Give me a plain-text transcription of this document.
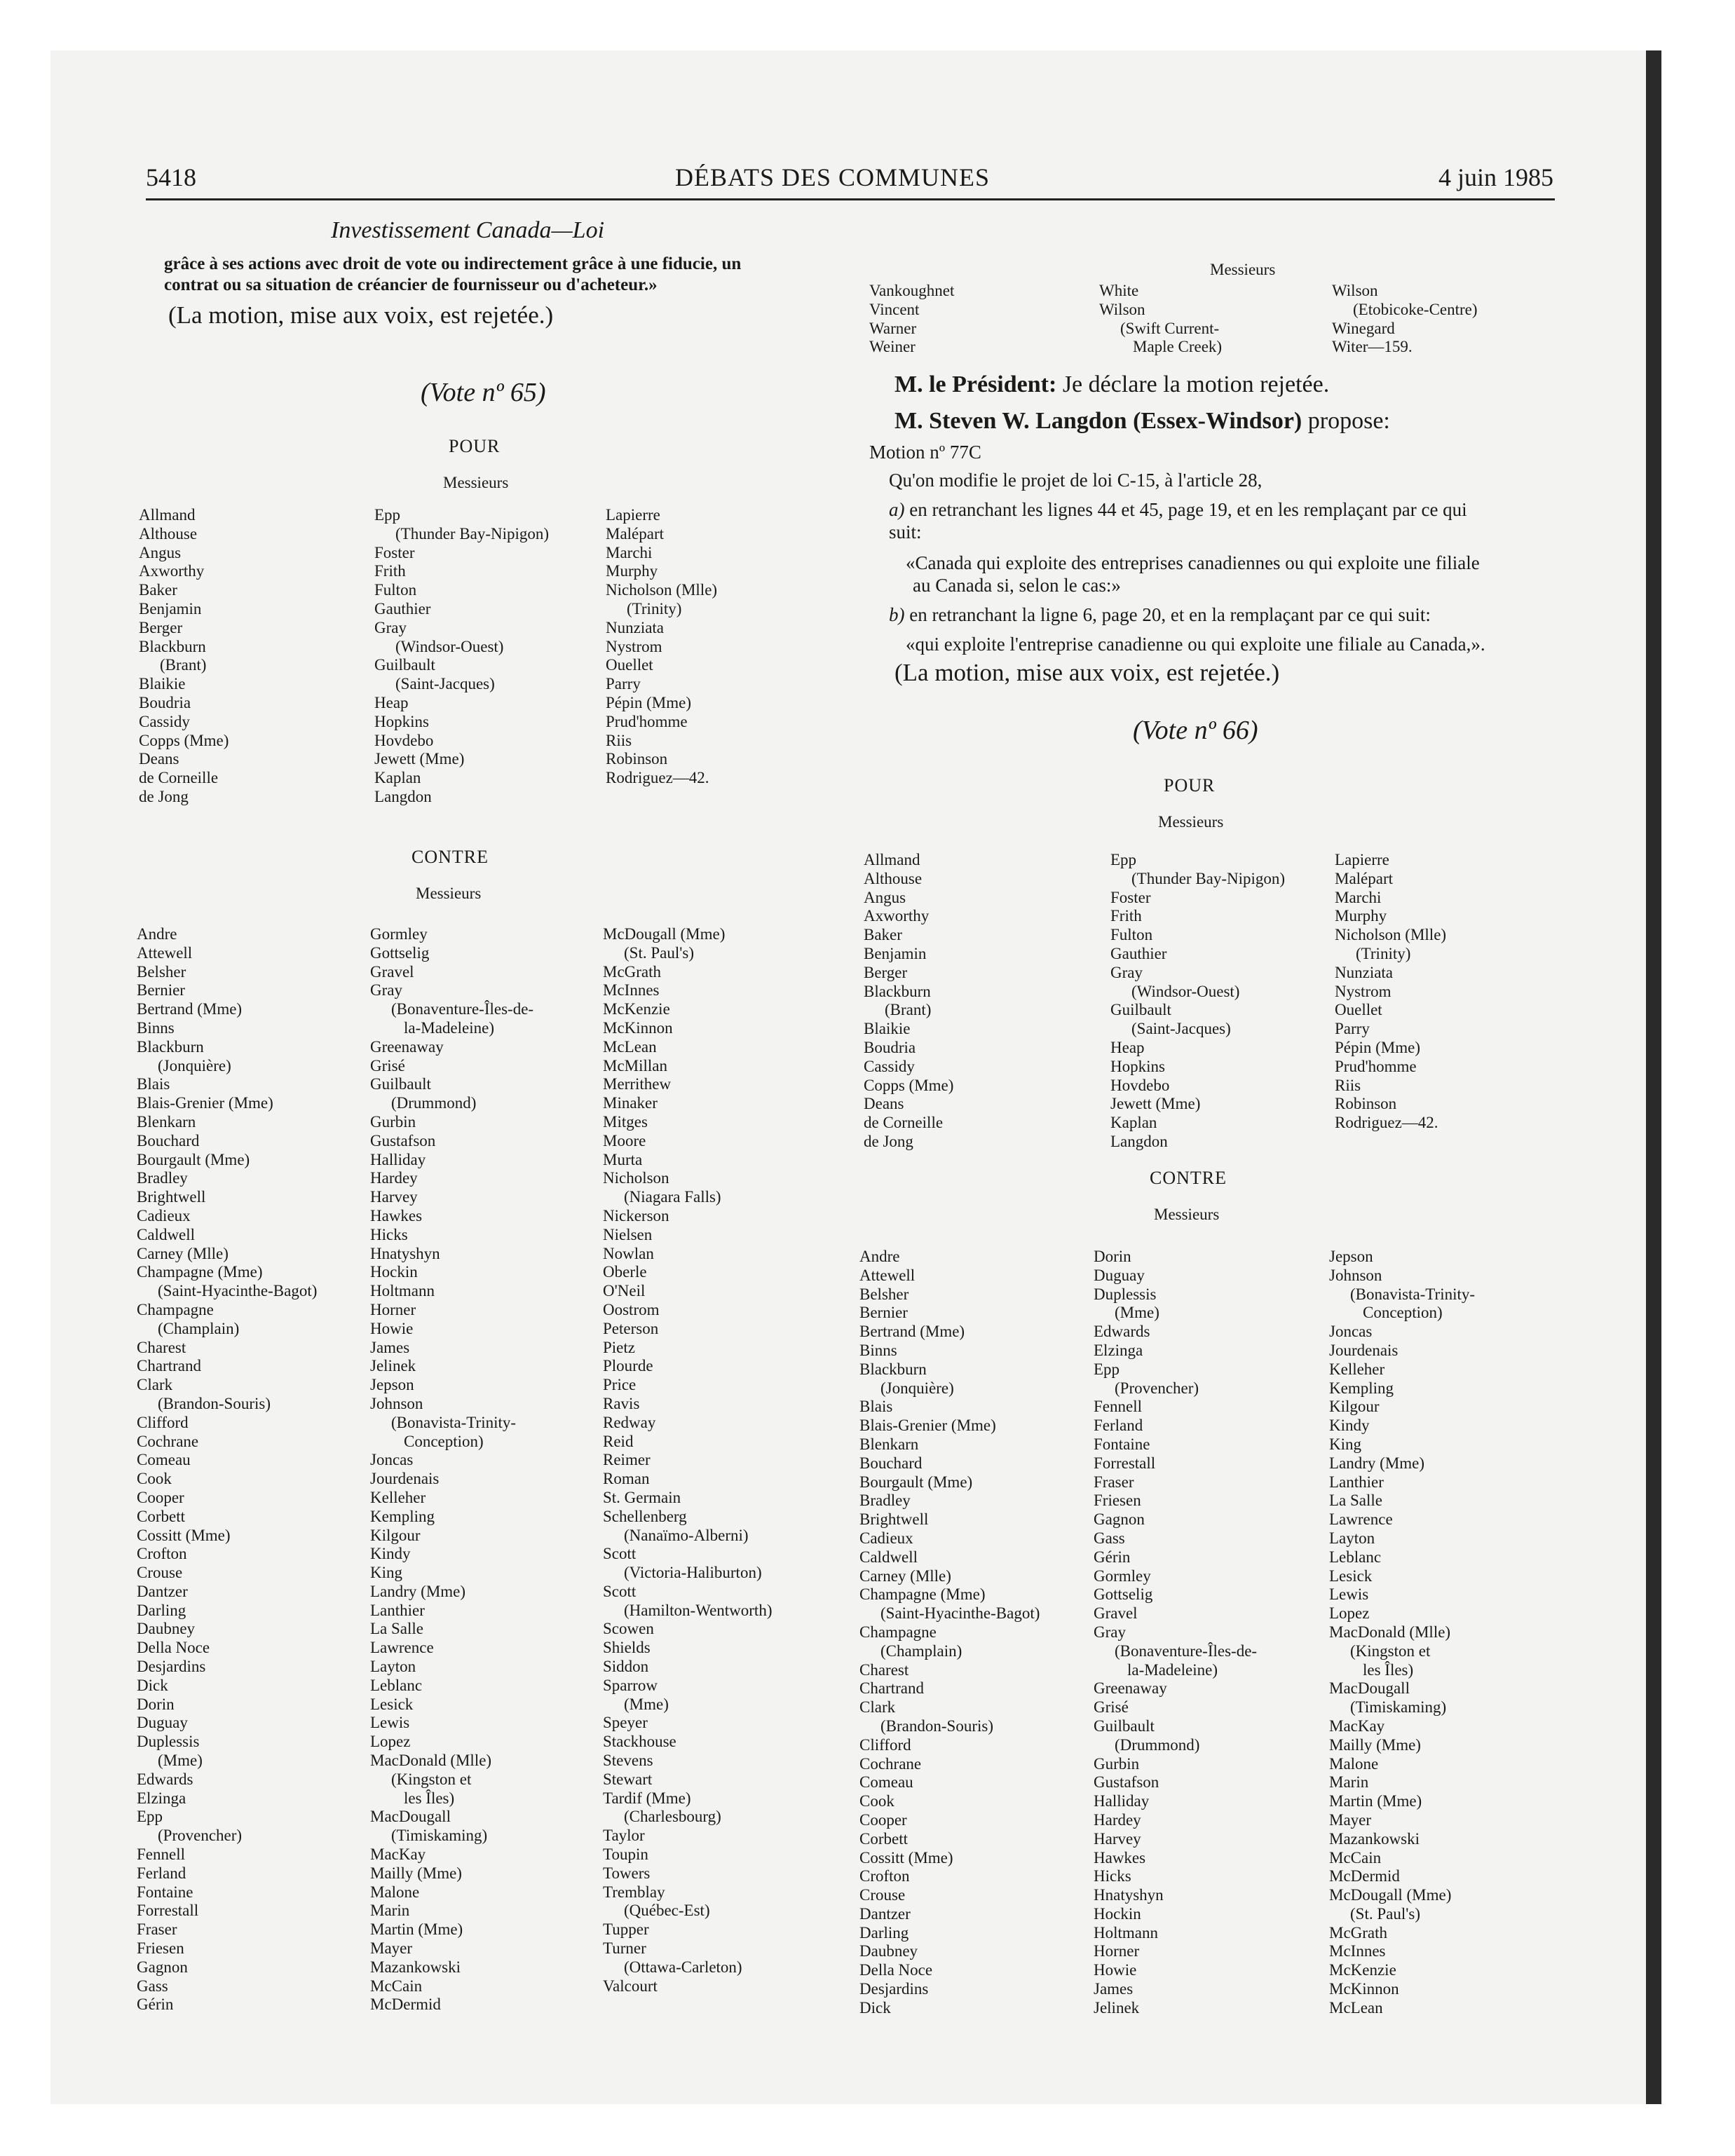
5418	DÉBATS DES COMMUNES	4 juin 1985
Investissement Canada—Loi
grâce à ses actions avec droit de vote ou indirectement grâce à une fiducie, un
contrat ou sa situation de créancier de fournisseur ou d'acheteur.»
(La motion, mise aux voix, est rejetée.)
(Vote nº 65)
POUR
Messieurs
Allmand
Althouse
Angus
Axworthy
Baker
Benjamin
Berger
Blackburn
(Brant)
Blaikie
Boudria
Cassidy
Copps (Mme)
Deans
de Corneille
de Jong
Epp
(Thunder Bay-Nipigon)
Foster
Frith
Fulton
Gauthier
Gray
(Windsor-Ouest)
Guilbault
(Saint-Jacques)
Heap
Hopkins
Hovdebo
Jewett (Mme)
Kaplan
Langdon
Lapierre
Malépart
Marchi
Murphy
Nicholson (Mlle)
(Trinity)
Nunziata
Nystrom
Ouellet
Parry
Pépin (Mme)
Prud'homme
Riis
Robinson
Rodriguez—42.
CONTRE
Messieurs
Andre
Attewell
Belsher
Bernier
Bertrand (Mme)
Binns
Blackburn
(Jonquière)
Blais
Blais-Grenier (Mme)
Blenkarn
Bouchard
Bourgault (Mme)
Bradley
Brightwell
Cadieux
Caldwell
Carney (Mlle)
Champagne (Mme)
(Saint-Hyacinthe-Bagot)
Champagne
(Champlain)
Charest
Chartrand
Clark
(Brandon-Souris)
Clifford
Cochrane
Comeau
Cook
Cooper
Corbett
Cossitt (Mme)
Crofton
Crouse
Dantzer
Darling
Daubney
Della Noce
Desjardins
Dick
Dorin
Duguay
Duplessis
(Mme)
Edwards
Elzinga
Epp
(Provencher)
Fennell
Ferland
Fontaine
Forrestall
Fraser
Friesen
Gagnon
Gass
Gérin
Gormley
Gottselig
Gravel
Gray
(Bonaventure-Îles-de-
la-Madeleine)
Greenaway
Grisé
Guilbault
(Drummond)
Gurbin
Gustafson
Halliday
Hardey
Harvey
Hawkes
Hicks
Hnatyshyn
Hockin
Holtmann
Horner
Howie
James
Jelinek
Jepson
Johnson
(Bonavista-Trinity-
Conception)
Joncas
Jourdenais
Kelleher
Kempling
Kilgour
Kindy
King
Landry (Mme)
Lanthier
La Salle
Lawrence
Layton
Leblanc
Lesick
Lewis
Lopez
MacDonald (Mlle)
(Kingston et
les Îles)
MacDougall
(Timiskaming)
MacKay
Mailly (Mme)
Malone
Marin
Martin (Mme)
Mayer
Mazankowski
McCain
McDermid
McDougall (Mme)
(St. Paul's)
McGrath
McInnes
McKenzie
McKinnon
McLean
McMillan
Merrithew
Minaker
Mitges
Moore
Murta
Nicholson
(Niagara Falls)
Nickerson
Nielsen
Nowlan
Oberle
O'Neil
Oostrom
Peterson
Pietz
Plourde
Price
Ravis
Redway
Reid
Reimer
Roman
St. Germain
Schellenberg
(Nanaïmo-Alberni)
Scott
(Victoria-Haliburton)
Scott
(Hamilton-Wentworth)
Scowen
Shields
Siddon
Sparrow
(Mme)
Speyer
Stackhouse
Stevens
Stewart
Tardif (Mme)
(Charlesbourg)
Taylor
Toupin
Towers
Tremblay
(Québec-Est)
Tupper
Turner
(Ottawa-Carleton)
Valcourt
Messieurs
Vankoughnet
Vincent
Warner
Weiner
White
Wilson
(Swift Current-
Maple Creek)
Wilson
(Etobicoke-Centre)
Winegard
Witer—159.
M. le Président: Je déclare la motion rejetée.
M. Steven W. Langdon (Essex-Windsor) propose:
Motion nº 77C
Qu'on modifie le projet de loi C-15, à l'article 28,
a) en retranchant les lignes 44 et 45, page 19, et en les remplaçant par ce qui
suit:
«Canada qui exploite des entreprises canadiennes ou qui exploite une filiale
au Canada si, selon le cas:»
b) en retranchant la ligne 6, page 20, et en la remplaçant par ce qui suit:
«qui exploite l'entreprise canadienne ou qui exploite une filiale au Canada,».
(La motion, mise aux voix, est rejetée.)
(Vote nº 66)
POUR
Messieurs
Allmand
Althouse
Angus
Axworthy
Baker
Benjamin
Berger
Blackburn
(Brant)
Blaikie
Boudria
Cassidy
Copps (Mme)
Deans
de Corneille
de Jong
Epp
(Thunder Bay-Nipigon)
Foster
Frith
Fulton
Gauthier
Gray
(Windsor-Ouest)
Guilbault
(Saint-Jacques)
Heap
Hopkins
Hovdebo
Jewett (Mme)
Kaplan
Langdon
Lapierre
Malépart
Marchi
Murphy
Nicholson (Mlle)
(Trinity)
Nunziata
Nystrom
Ouellet
Parry
Pépin (Mme)
Prud'homme
Riis
Robinson
Rodriguez—42.
CONTRE
Messieurs
Andre
Attewell
Belsher
Bernier
Bertrand (Mme)
Binns
Blackburn
(Jonquière)
Blais
Blais-Grenier (Mme)
Blenkarn
Bouchard
Bourgault (Mme)
Bradley
Brightwell
Cadieux
Caldwell
Carney (Mlle)
Champagne (Mme)
(Saint-Hyacinthe-Bagot)
Champagne
(Champlain)
Charest
Chartrand
Clark
(Brandon-Souris)
Clifford
Cochrane
Comeau
Cook
Cooper
Corbett
Cossitt (Mme)
Crofton
Crouse
Dantzer
Darling
Daubney
Della Noce
Desjardins
Dick
Dorin
Duguay
Duplessis
(Mme)
Edwards
Elzinga
Epp
(Provencher)
Fennell
Ferland
Fontaine
Forrestall
Fraser
Friesen
Gagnon
Gass
Gérin
Gormley
Gottselig
Gravel
Gray
(Bonaventure-Îles-de-
la-Madeleine)
Greenaway
Grisé
Guilbault
(Drummond)
Gurbin
Gustafson
Halliday
Hardey
Harvey
Hawkes
Hicks
Hnatyshyn
Hockin
Holtmann
Horner
Howie
James
Jelinek
Jepson
Johnson
(Bonavista-Trinity-
Conception)
Joncas
Jourdenais
Kelleher
Kempling
Kilgour
Kindy
King
Landry (Mme)
Lanthier
La Salle
Lawrence
Layton
Leblanc
Lesick
Lewis
Lopez
MacDonald (Mlle)
(Kingston et
les Îles)
MacDougall
(Timiskaming)
MacKay
Mailly (Mme)
Malone
Marin
Martin (Mme)
Mayer
Mazankowski
McCain
McDermid
McDougall (Mme)
(St. Paul's)
McGrath
McInnes
McKenzie
McKinnon
McLean
